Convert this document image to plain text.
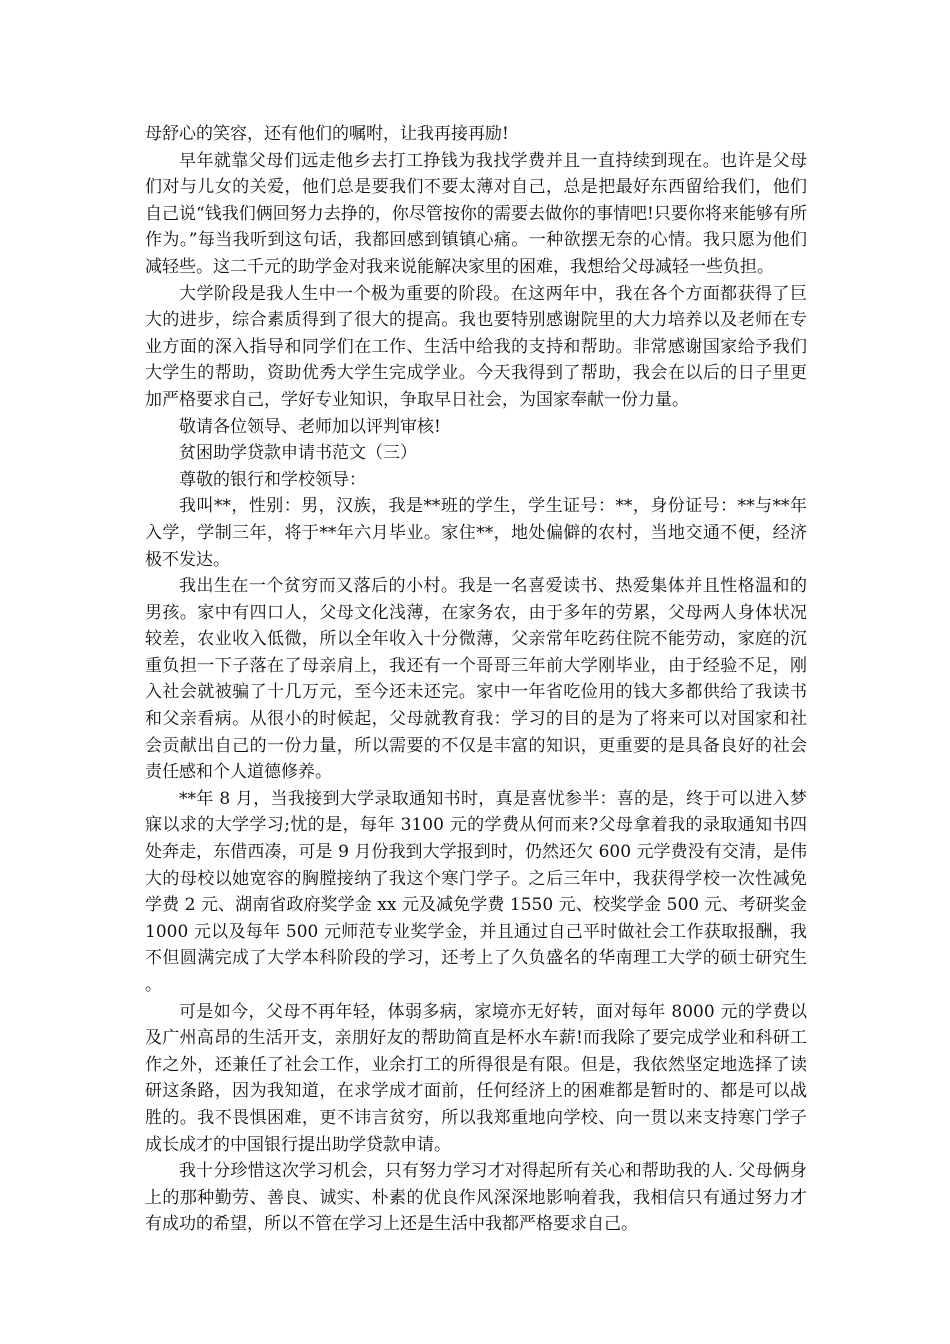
母舒心的笑容，还有他们的嘱咐，让我再接再励!

早年就靠父母们远走他乡去打工挣钱为我找学费并且一直持续到现在。也许是父母们对与儿女的关爱，他们总是要我们不要太薄对自己，总是把最好东西留给我们，他们自己说“钱我们俩回努力去挣的，你尽管按你的需要去做你的事情吧!只要你将来能够有所作为。”每当我听到这句话，我都回感到镇镇心痛。一种欲摆无奈的心情。我只愿为他们减轻些。这二千元的助学金对我来说能解决家里的困难，我想给父母减轻一些负担。

大学阶段是我人生中一个极为重要的阶段。在这两年中，我在各个方面都获得了巨大的进步，综合素质得到了很大的提高。我也要特别感谢院里的大力培养以及老师在专业方面的深入指导和同学们在工作、生活中给我的支持和帮助。非常感谢国家给予我们大学生的帮助，资助优秀大学生完成学业。今天我得到了帮助，我会在以后的日子里更加严格要求自己，学好专业知识，争取早日社会，为国家奉献一份力量。

敬请各位领导、老师加以评判审核!

贫困助学贷款申请书范文（三）

尊敬的银行和学校领导：

我叫**，性别：男，汉族，我是**班的学生，学生证号：**，身份证号：**与**年入学，学制三年，将于**年六月毕业。家住**，地处偏僻的农村，当地交通不便，经济极不发达。

我出生在一个贫穷而又落后的小村。我是一名喜爱读书、热爱集体并且性格温和的男孩。家中有四口人，父母文化浅薄，在家务农，由于多年的劳累，父母两人身体状况较差，农业收入低微，所以全年收入十分微薄，父亲常年吃药住院不能劳动，家庭的沉重负担一下子落在了母亲肩上，我还有一个哥哥三年前大学刚毕业，由于经验不足，刚入社会就被骗了十几万元，至今还未还完。家中一年省吃俭用的钱大多都供给了我读书和父亲看病。从很小的时候起，父母就教育我：学习的目的是为了将来可以对国家和社会贡献出自己的一份力量，所以需要的不仅是丰富的知识，更重要的是具备良好的社会责任感和个人道德修养。

**年 8 月，当我接到大学录取通知书时，真是喜忧参半：喜的是，终于可以进入梦寐以求的大学学习;忧的是，每年 3100 元的学费从何而来?父母拿着我的录取通知书四处奔走，东借西凑，可是 9 月份我到大学报到时，仍然还欠 600 元学费没有交清，是伟大的母校以她宽容的胸膛接纳了我这个寒门学子。之后三年中，我获得学校一次性减免学费 2 元、湖南省政府奖学金 xx 元及减免学费 1550 元、校奖学金 500 元、考研奖金 1000 元以及每年 500 元师范专业奖学金，并且通过自己平时做社会工作获取报酬，我不但圆满完成了大学本科阶段的学习，还考上了久负盛名的华南理工大学的硕士研究生。

可是如今，父母不再年轻，体弱多病，家境亦无好转，面对每年 8000 元的学费以及广州高昂的生活开支，亲朋好友的帮助简直是杯水车薪!而我除了要完成学业和科研工作之外，还兼任了社会工作，业余打工的所得很是有限。但是，我依然坚定地选择了读研这条路，因为我知道，在求学成才面前，任何经济上的困难都是暂时的、都是可以战胜的。我不畏惧困难，更不讳言贫穷，所以我郑重地向学校、向一贯以来支持寒门学子成长成才的中国银行提出助学贷款申请。

我十分珍惜这次学习机会，只有努力学习才对得起所有关心和帮助我的人. 父母俩身上的那种勤劳、善良、诚实、朴素的优良作风深深地影响着我，我相信只有通过努力才有成功的希望，所以不管在学习上还是生活中我都严格要求自己。
